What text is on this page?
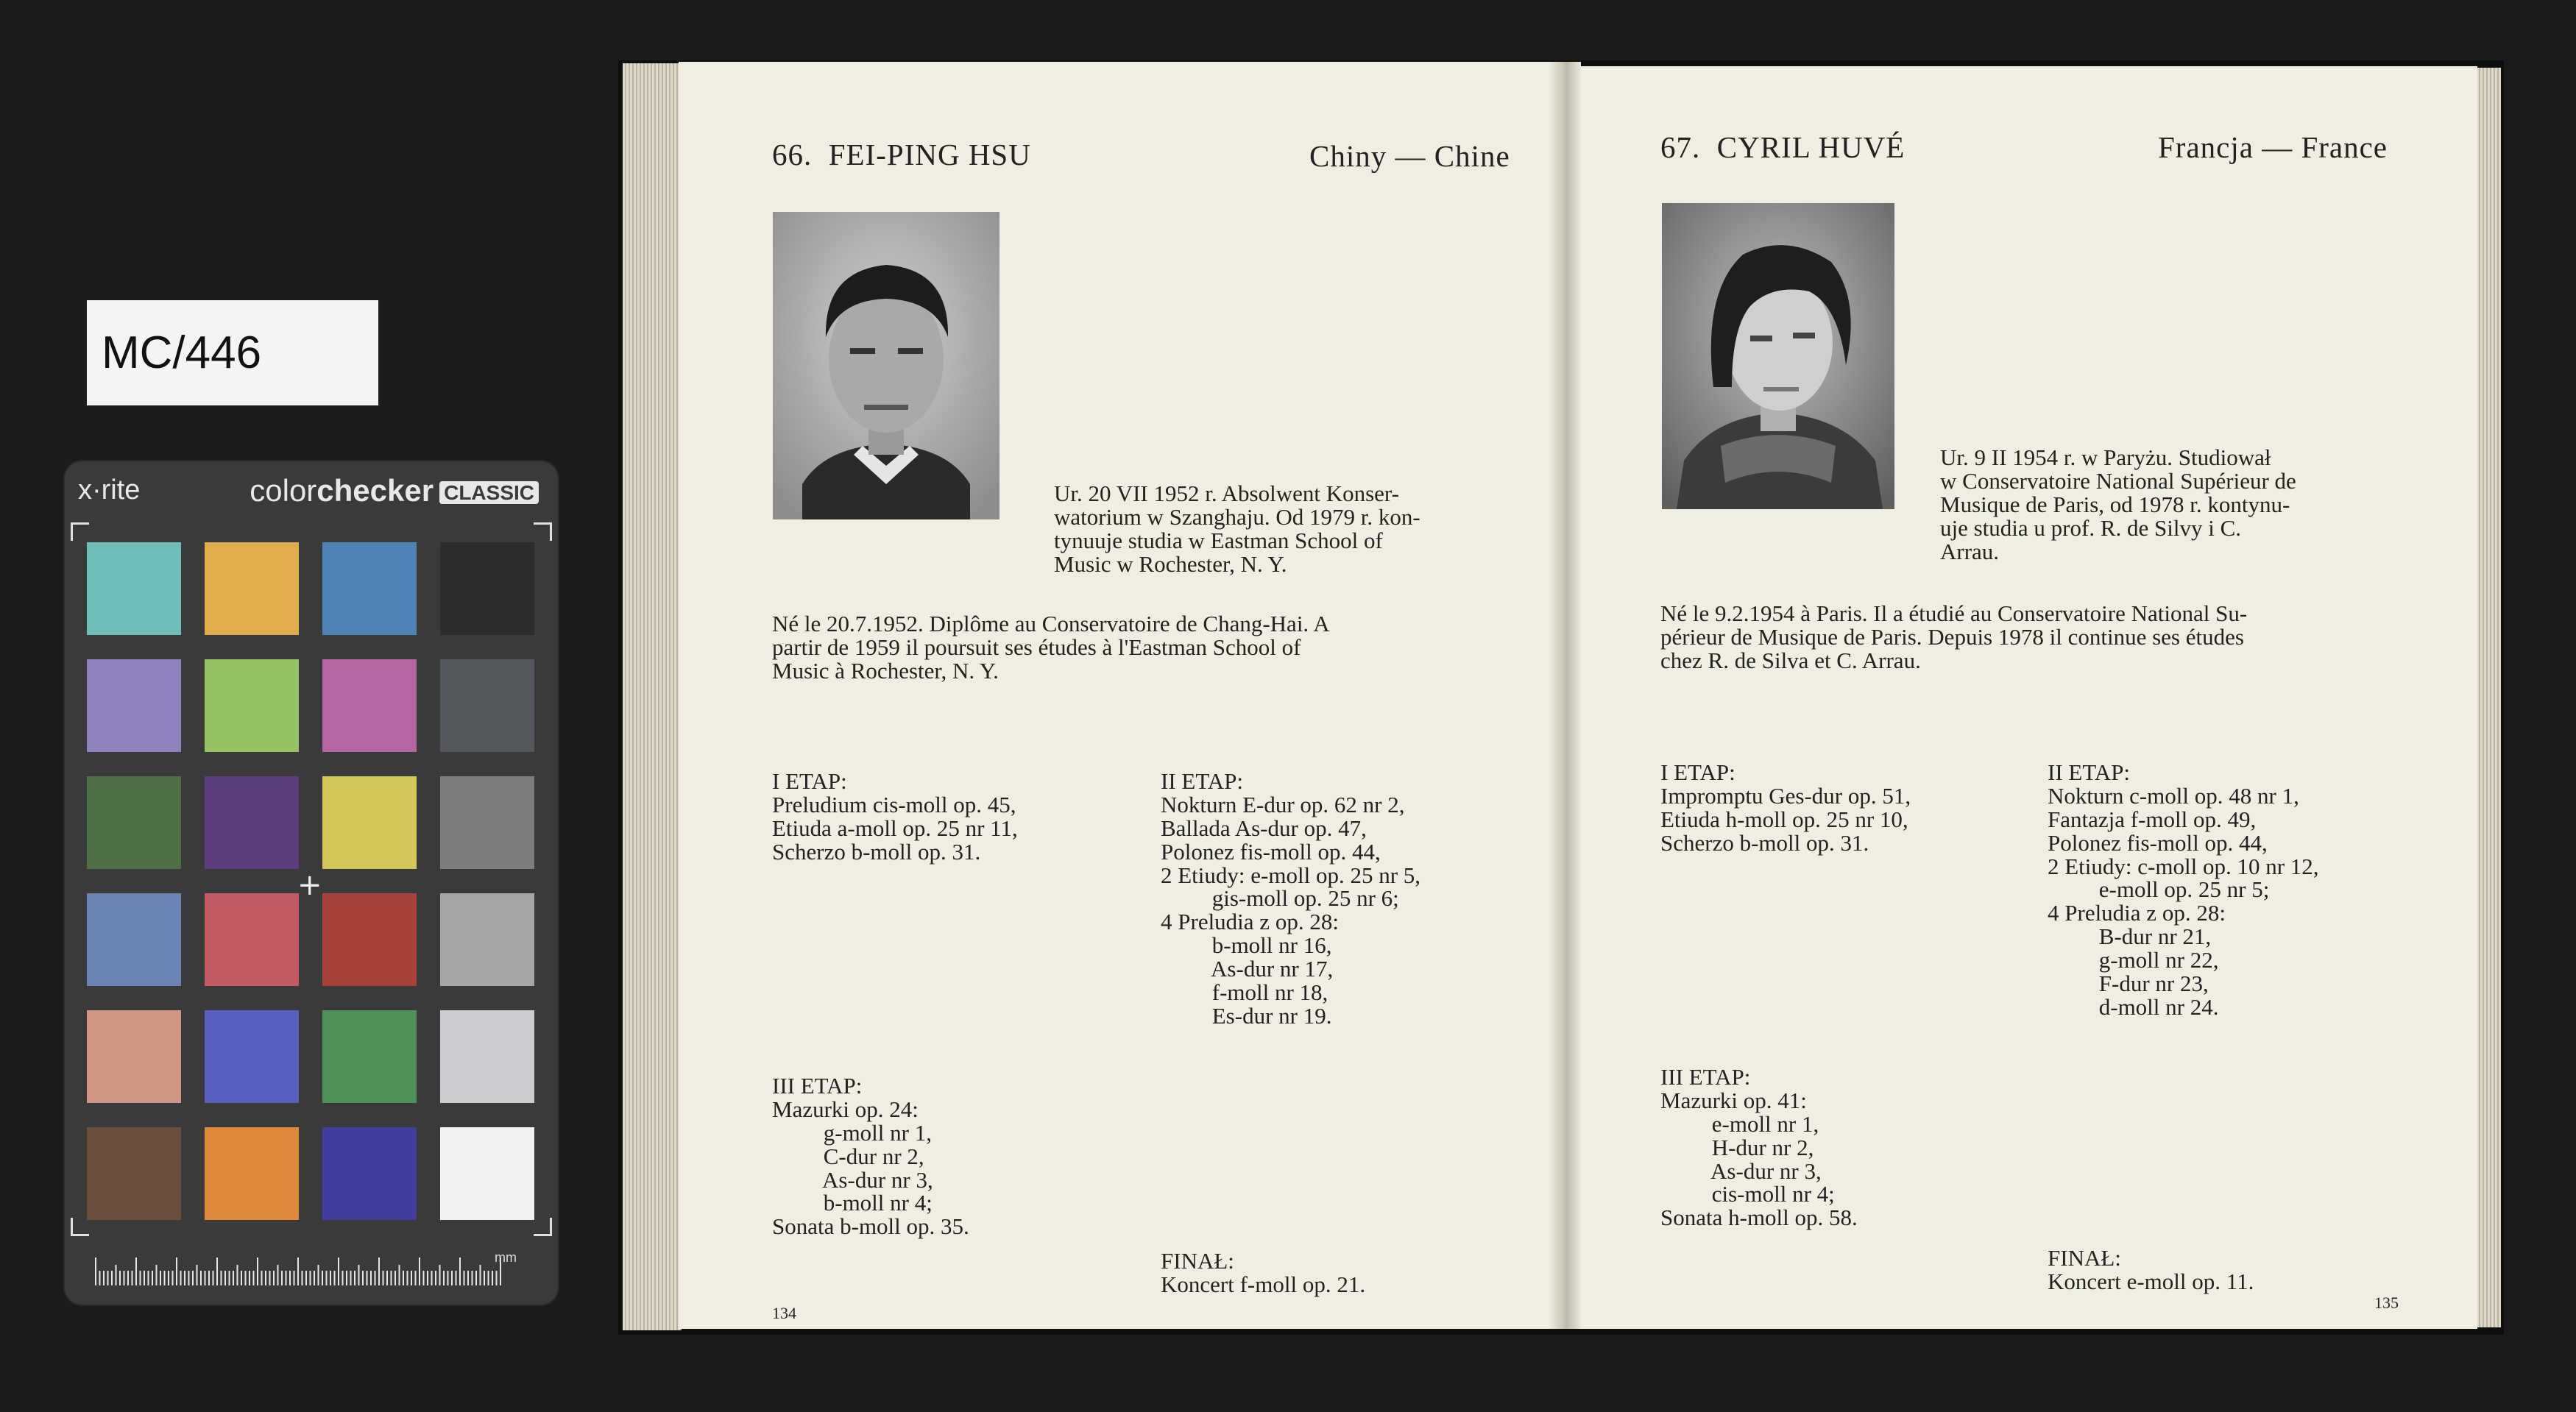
MC/446
x·rite	colorchecker CLASSIC
+
mm
66.  FEI-PING HSU	Chiny — Chine

Ur. 20 VII 1952 r. Absolwent Konser-
watorium w Szanghaju. Od 1979 r. kon-
tynuuje studia w Eastman School of
Music w Rochester, N. Y.

Né le 20.7.1952. Diplôme au Conservatoire de Chang-Hai. A
partir de 1959 il poursuit ses études à l'Eastman School of
Music à Rochester, N. Y.

I ETAP:
Preludium cis-moll op. 45,
Etiuda a-moll op. 25 nr 11,
Scherzo b-moll op. 31.

II ETAP:
Nokturn E-dur op. 62 nr 2,
Ballada As-dur op. 47,
Polonez fis-moll op. 44,
2 Etiudy: e-moll op. 25 nr 5,
gis-moll op. 25 nr 6;
4 Preludia z op. 28:
b-moll nr 16,
As-dur nr 17,
f-moll nr 18,
Es-dur nr 19.

III ETAP:
Mazurki op. 24:
g-moll nr 1,
C-dur nr 2,
As-dur nr 3,
b-moll nr 4;
Sonata b-moll op. 35.

FINAŁ:
Koncert f-moll op. 21.

134
67.  CYRIL HUVÉ	Francja — France

Ur. 9 II 1954 r. w Paryżu. Studiował
w Conservatoire National Supérieur de
Musique de Paris, od 1978 r. kontynu-
uje studia u prof. R. de Silvy i C.
Arrau.

Né le 9.2.1954 à Paris. Il a étudié au Conservatoire National Su-
périeur de Musique de Paris. Depuis 1978 il continue ses études
chez R. de Silva et C. Arrau.

I ETAP:
Impromptu Ges-dur op. 51,
Etiuda h-moll op. 25 nr 10,
Scherzo b-moll op. 31.

II ETAP:
Nokturn c-moll op. 48 nr 1,
Fantazja f-moll op. 49,
Polonez fis-moll op. 44,
2 Etiudy: c-moll op. 10 nr 12,
e-moll op. 25 nr 5;
4 Preludia z op. 28:
B-dur nr 21,
g-moll nr 22,
F-dur nr 23,
d-moll nr 24.

III ETAP:
Mazurki op. 41:
e-moll nr 1,
H-dur nr 2,
As-dur nr 3,
cis-moll nr 4;
Sonata h-moll op. 58.

FINAŁ:
Koncert e-moll op. 11.

135
